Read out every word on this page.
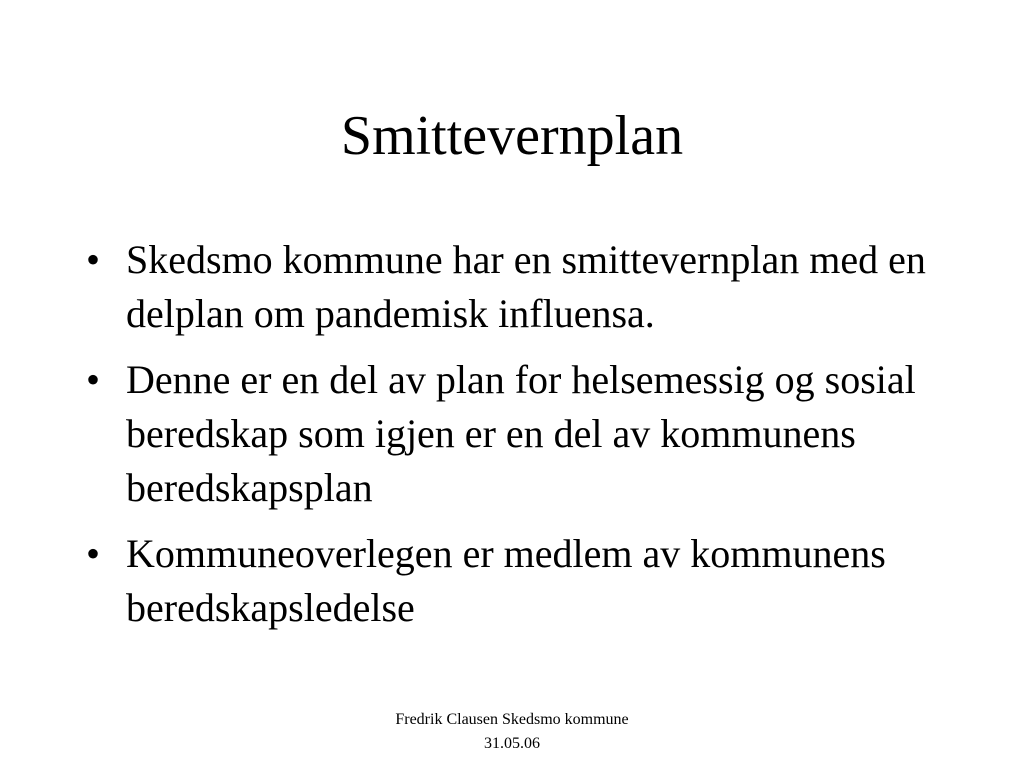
Smittevernplan
• Skedsmo kommune har en smittevernplan med en delplan om pandemisk influensa.
• Denne er en del av plan for helsemessig og sosial beredskap som igjen er en del av kommunens beredskapsplan
• Kommuneoverlegen er medlem av kommunens beredskapsledelse
Fredrik Clausen Skedsmo kommune
31.05.06
